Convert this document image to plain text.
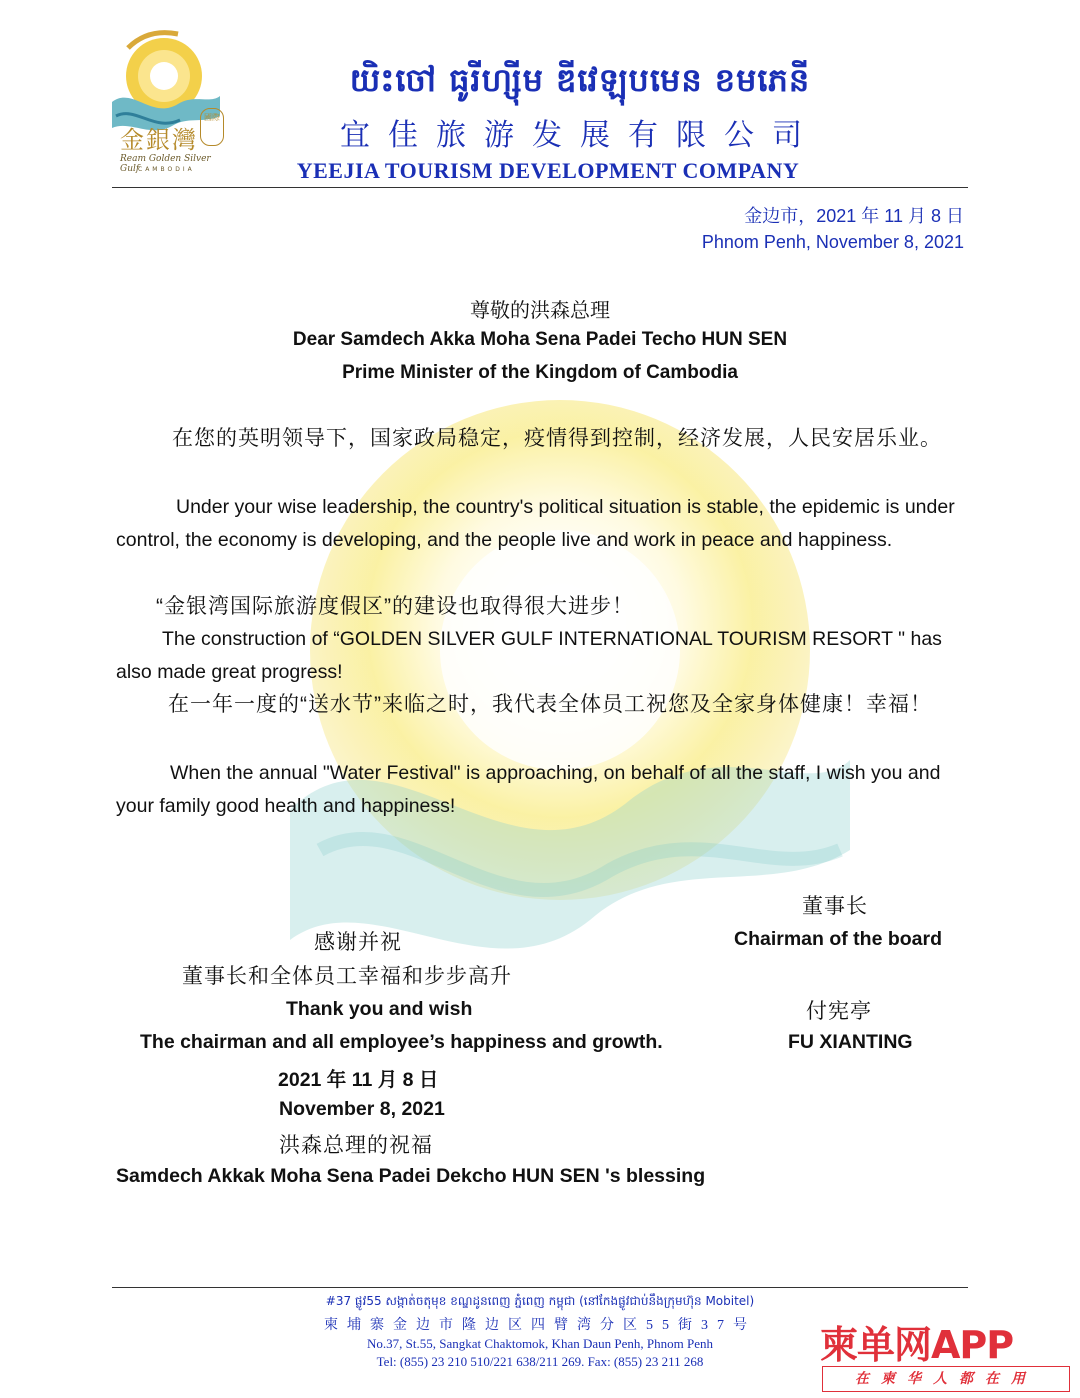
金銀灣
國際
Ream Golden Silver Gulf
CAMBODIA
យិះចៅ ធូរីហ្ស៊ីម ឌីវេឡុបមេន ខមភេនី
宜佳旅游发展有限公司
YEEJIA TOURISM DEVELOPMENT COMPANY
金边市，2021 年 11 月 8 日
Phnom Penh, November 8, 2021
尊敬的洪森总理
Dear Samdech Akka Moha Sena Padei Techo HUN SEN
Prime Minister of the Kingdom of Cambodia
在您的英明领导下，国家政局稳定，疫情得到控制，经济发展，人民安居乐业。
Under your wise leadership, the country's political situation is stable, the epidemic is under control, the economy is developing, and the people live and work in peace and happiness.
“金银湾国际旅游度假区”的建设也取得很大进步！
The construction of “GOLDEN SILVER GULF INTERNATIONAL TOURISM RESORT " has also made great progress!
在一年一度的“送水节”来临之时，我代表全体员工祝您及全家身体健康！幸福！
When the annual "Water Festival" is approaching, on behalf of all the staff, I wish you and your family good health and happiness!
董事长
Chairman of the board
付宪亭
FU XIANTING
感谢并祝
董事长和全体员工幸福和步步高升
Thank you and wish
The chairman and all employee’s happiness and growth.
2021 年 11 月 8 日
November 8, 2021
洪森总理的祝福
Samdech Akkak Moha Sena Padei Dekcho HUN SEN 's blessing
#37 ផ្លូវ55 សង្កាត់ចតុមុខ ខណ្ឌដូនពេញ ភ្នំពេញ កម្ពុជា (នៅកែងផ្លូវជាប់នឹងក្រុមហ៊ុន Mobitel)
柬埔寨金边市隆边区四臂湾分区55街37号
No.37, St.55, Sangkat Chaktomok, Khan Daun Penh, Phnom Penh
Tel: (855) 23 210 510/221 638/211 269. Fax: (855) 23 211 268	柬单网APP
在柬华人都在用
